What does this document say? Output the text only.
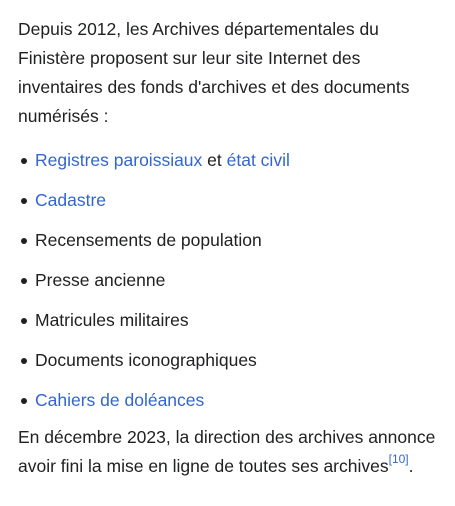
Depuis 2012, les Archives départementales du Finistère proposent sur leur site Internet des inventaires des fonds d'archives et des documents numérisés :

Registres paroissiaux et état civil
Cadastre
Recensements de population
Presse ancienne
Matricules militaires
Documents iconographiques
Cahiers de doléances

En décembre 2023, la direction des archives annonce avoir fini la mise en ligne de toutes ses archives[10].
